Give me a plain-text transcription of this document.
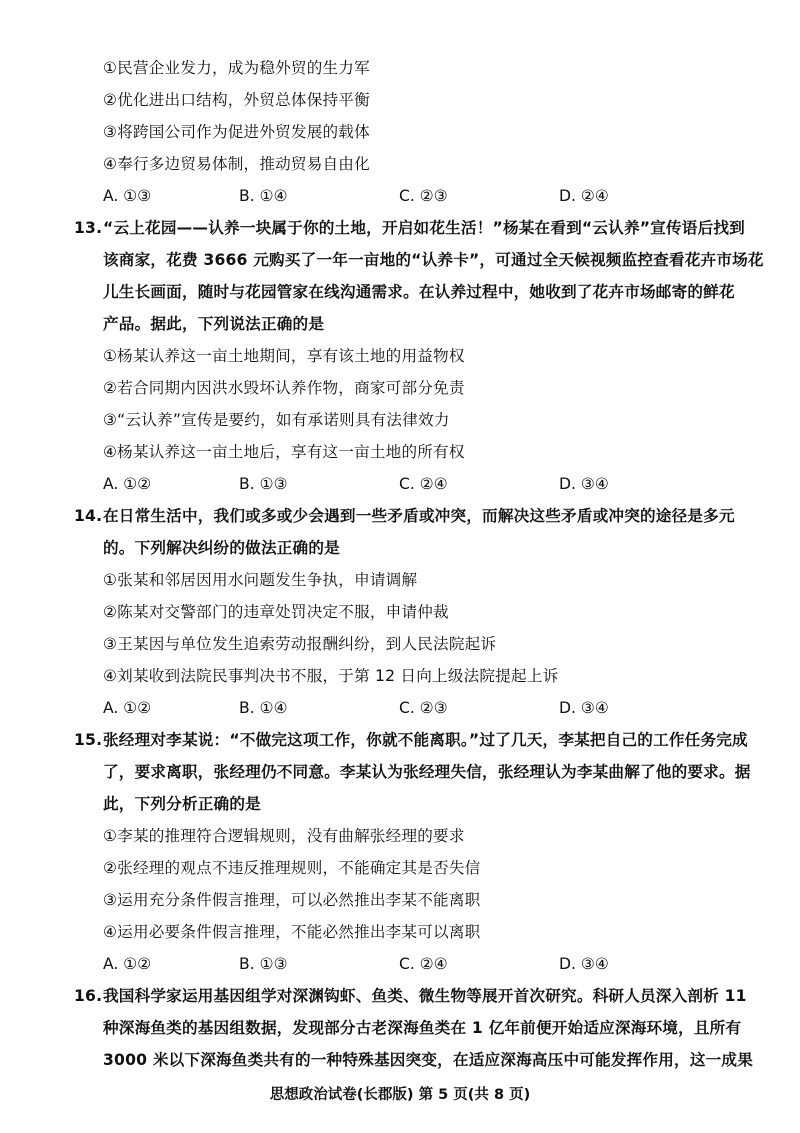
①民营企业发力，成为稳外贸的生力军
②优化进出口结构，外贸总体保持平衡
③将跨国公司作为促进外贸发展的载体
④奉行多边贸易体制，推动贸易自由化
A. ①③	B. ①④	C. ②③	D. ②④
13.“云上花园——认养一块属于你的土地，开启如花生活！”杨某在看到“云认养”宣传语后找到
该商家，花费 3666 元购买了一年一亩地的“认养卡”，可通过全天候视频监控查看花卉市场花
儿生长画面，随时与花园管家在线沟通需求。在认养过程中，她收到了花卉市场邮寄的鲜花
产品。据此，下列说法正确的是
①杨某认养这一亩土地期间，享有该土地的用益物权
②若合同期内因洪水毁坏认养作物，商家可部分免责
③“云认养”宣传是要约，如有承诺则具有法律效力
④杨某认养这一亩土地后，享有这一亩土地的所有权
A. ①②	B. ①③	C. ②④	D. ③④
14.在日常生活中，我们或多或少会遇到一些矛盾或冲突，而解决这些矛盾或冲突的途径是多元
的。下列解决纠纷的做法正确的是
①张某和邻居因用水问题发生争执，申请调解
②陈某对交警部门的违章处罚决定不服，申请仲裁
③王某因与单位发生追索劳动报酬纠纷，到人民法院起诉
④刘某收到法院民事判决书不服，于第 12 日向上级法院提起上诉
A. ①②	B. ①④	C. ②③	D. ③④
15.张经理对李某说：“不做完这项工作，你就不能离职。”过了几天，李某把自己的工作任务完成
了，要求离职，张经理仍不同意。李某认为张经理失信，张经理认为李某曲解了他的要求。据
此，下列分析正确的是
①李某的推理符合逻辑规则，没有曲解张经理的要求
②张经理的观点不违反推理规则，不能确定其是否失信
③运用充分条件假言推理，可以必然推出李某不能离职
④运用必要条件假言推理，不能必然推出李某可以离职
A. ①②	B. ①③	C. ②④	D. ③④
16.我国科学家运用基因组学对深渊钩虾、鱼类、微生物等展开首次研究。科研人员深入剖析 11
种深海鱼类的基因组数据，发现部分古老深海鱼类在 1 亿年前便开始适应深海环境，且所有
3000 米以下深海鱼类共有的一种特殊基因突变，在适应深海高压中可能发挥作用，这一成果
思想政治试卷(长郡版) 第 5 页(共 8 页)
